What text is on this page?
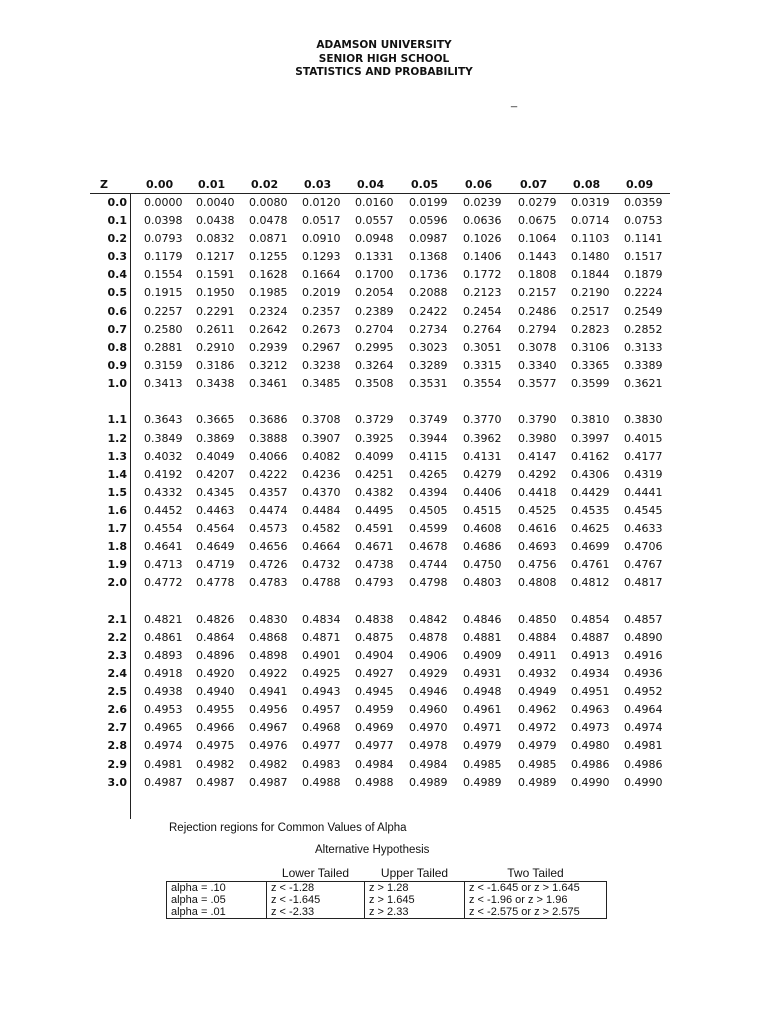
ADAMSON UNIVERSITY
SENIOR HIGH SCHOOL
STATISTICS AND PROBABILITY
_
Z	0.00 0.01 0.02 0.03 0.04 0.05 0.06	0.07 0.08 0.09
0.0 0.0000 0.0040 0.0080 0.0120 0.0160 0.0199 0.0239 0.0279 0.0319 0.0359
0.1 0.0398 0.0438 0.0478 0.0517 0.0557 0.0596 0.0636 0.0675 0.0714 0.0753
0.2 0.0793 0.0832 0.0871 0.0910 0.0948 0.0987 0.1026 0.1064 0.1103 0.1141
0.3 0.1179 0.1217 0.1255 0.1293 0.1331 0.1368 0.1406 0.1443 0.1480 0.1517
0.4 0.1554 0.1591 0.1628 0.1664 0.1700 0.1736 0.1772 0.1808 0.1844 0.1879
0.5 0.1915 0.1950 0.1985 0.2019 0.2054 0.2088 0.2123 0.2157 0.2190 0.2224
0.6 0.2257 0.2291 0.2324 0.2357 0.2389 0.2422 0.2454 0.2486 0.2517 0.2549
0.7 0.2580 0.2611 0.2642 0.2673 0.2704 0.2734 0.2764 0.2794 0.2823 0.2852
0.8 0.2881 0.2910 0.2939 0.2967 0.2995 0.3023 0.3051 0.3078 0.3106 0.3133
0.9 0.3159 0.3186 0.3212 0.3238 0.3264 0.3289 0.3315 0.3340 0.3365 0.3389
1.0 0.3413 0.3438 0.3461 0.3485 0.3508 0.3531 0.3554 0.3577 0.3599 0.3621
1.1 0.3643 0.3665 0.3686 0.3708 0.3729 0.3749 0.3770 0.3790 0.3810 0.3830
1.2 0.3849 0.3869 0.3888 0.3907 0.3925 0.3944 0.3962 0.3980 0.3997 0.4015
1.3 0.4032 0.4049 0.4066 0.4082 0.4099 0.4115 0.4131 0.4147 0.4162 0.4177
1.4 0.4192 0.4207 0.4222 0.4236 0.4251 0.4265 0.4279 0.4292 0.4306 0.4319
1.5 0.4332 0.4345 0.4357 0.4370 0.4382 0.4394 0.4406 0.4418 0.4429 0.4441
1.6 0.4452 0.4463 0.4474 0.4484 0.4495 0.4505 0.4515 0.4525 0.4535 0.4545
1.7 0.4554 0.4564 0.4573 0.4582 0.4591 0.4599 0.4608 0.4616 0.4625 0.4633
1.8 0.4641 0.4649 0.4656 0.4664 0.4671 0.4678 0.4686 0.4693 0.4699 0.4706
1.9 0.4713 0.4719 0.4726 0.4732 0.4738 0.4744 0.4750 0.4756 0.4761 0.4767
2.0 0.4772 0.4778 0.4783 0.4788 0.4793 0.4798 0.4803 0.4808 0.4812 0.4817
2.1 0.4821 0.4826 0.4830 0.4834 0.4838 0.4842 0.4846 0.4850 0.4854 0.4857
2.2 0.4861 0.4864 0.4868 0.4871 0.4875 0.4878 0.4881 0.4884 0.4887 0.4890
2.3 0.4893 0.4896 0.4898 0.4901 0.4904 0.4906 0.4909 0.4911 0.4913 0.4916
2.4 0.4918 0.4920 0.4922 0.4925 0.4927 0.4929 0.4931 0.4932 0.4934 0.4936
2.5 0.4938 0.4940 0.4941 0.4943 0.4945 0.4946 0.4948 0.4949 0.4951 0.4952
2.6 0.4953 0.4955 0.4956 0.4957 0.4959 0.4960 0.4961 0.4962 0.4963 0.4964
2.7 0.4965 0.4966 0.4967 0.4968 0.4969 0.4970 0.4971 0.4972 0.4973 0.4974
2.8 0.4974 0.4975 0.4976 0.4977 0.4977 0.4978 0.4979 0.4979 0.4980 0.4981
2.9 0.4981 0.4982 0.4982 0.4983 0.4984 0.4984 0.4985 0.4985 0.4986 0.4986
3.0 0.4987 0.4987 0.4987 0.4988 0.4988 0.4989 0.4989 0.4989 0.4990 0.4990
Rejection regions for Common Values of Alpha
Alternative Hypothesis
	Lower Tailed	Upper Tailed	Two Tailed
alpha = .10	z < -1.28	z > 1.28	z < -1.645 or z > 1.645
alpha = .05	z < -1.645	z > 1.645	z < -1.96 or z > 1.96
alpha = .01	z < -2.33	z > 2.33	z < -2.575 or z > 2.575
